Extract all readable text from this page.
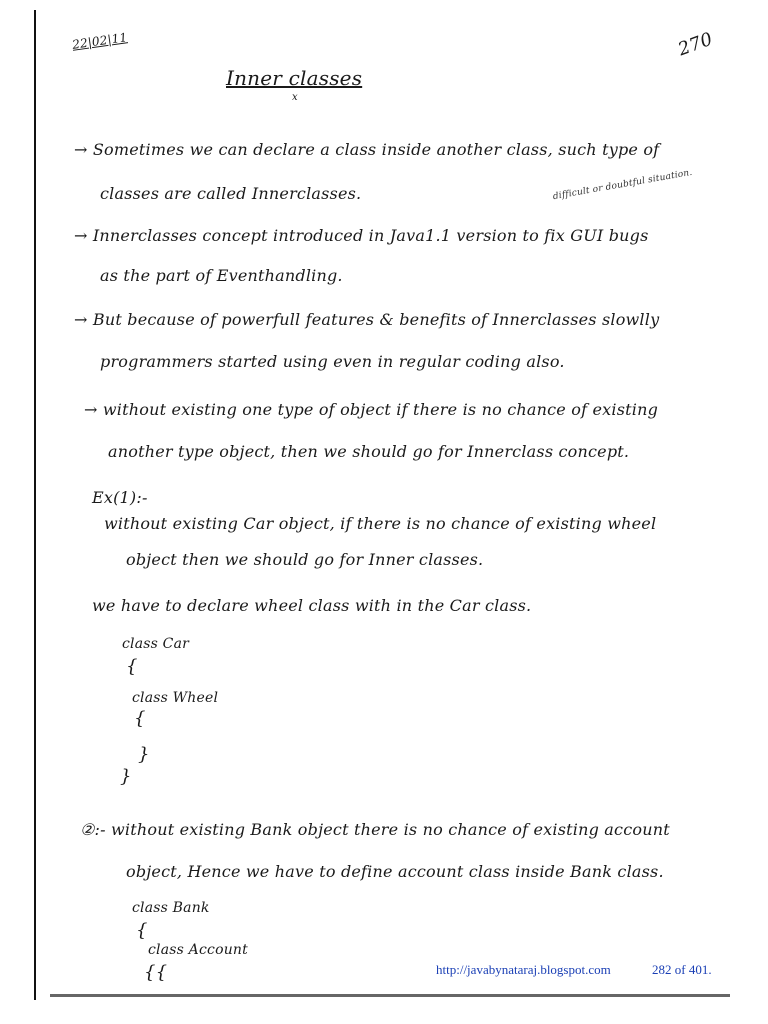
22|02|11	270
Inner classes
x
→ Sometimes we can declare a class inside another class, such type of
classes are called Innerclasses.	difficult or doubtful situation.
→ Innerclasses concept introduced in Java1.1 version to fix GUI bugs
as the part of Eventhandling.
→ But because of powerfull features & benefits of Innerclasses slowlly
programmers started using even in regular coding also.
→ without existing one type of object if there is no chance of existing
another type object, then we should go for Innerclass concept.
Ex(1):-
without existing Car object, if there is no chance of existing wheel
object then we should go for Inner classes.
we have to declare wheel class with in the Car class.
class Car
{
class Wheel
{
}
}
②:- without existing Bank object there is no chance of existing account
object, Hence we have to define account class inside Bank class.
class Bank
{
class Account
{{	http://javabynataraj.blogspot.com	282 of 401.
